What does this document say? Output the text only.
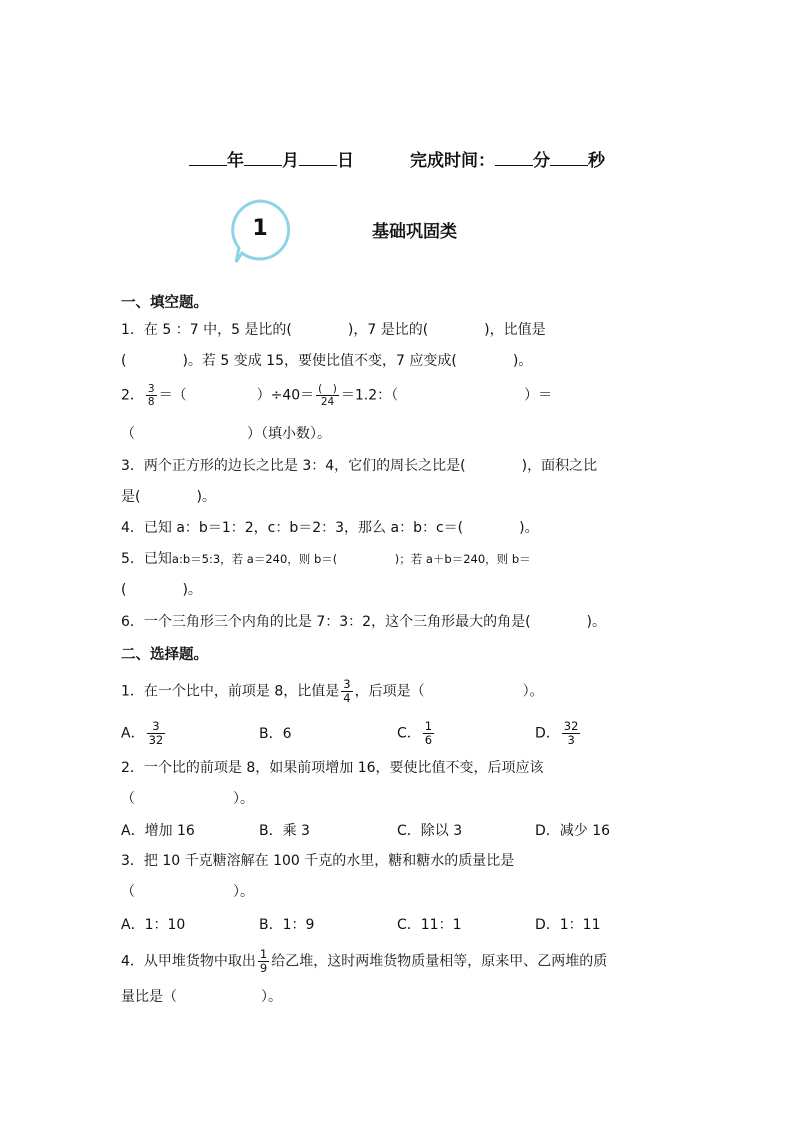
年 月 日	完成时间： 分 秒
1	基础巩固类
一、填空题。
1．在 5 ：7 中，5 是比的(　　　　)，7 是比的(　　　　)，比值是
(　　　　)。若 5 变成 15，要使比值不变，7 应变成(　　　　)。
2． $\frac{3}{8}$ ＝（　　　　　）$\div 40= \frac{( )}{24} =1.2$：（　　　　　　　　　）＝
（　　　　　　　　）（填小数）。
3．两个正方形的边长之比是 3：4，它们的周长之比是(　　　　)，面积之比
是(　　　　)。
4．已知 a：b＝1：2，c：b＝2：3，那么 a：b：c＝(　　　　)。
5．已知a:b＝5:3，若 a＝240，则 b＝(　　　　　)；若 a＋b＝240，则 b＝
(　　　　)。
6．一个三角形三个内角的比是 7：3：2，这个三角形最大的角是(　　　　)。
二、选择题。
1．在一个比中，前项是 8，比值是 $\frac{3}{4}$ ，后项是（　　　　　　　）。
A． $\frac{3}{32}$	B．6	C． $\frac{1}{6}$	D． $\frac{32}{3}$
2．一个比的前项是 8，如果前项增加 16，要使比值不变，后项应该
（　　　　　　　）。
A．增加 16	B．乘 3	C．除以 3	D．减少 16
3．把 10 千克糖溶解在 100 千克的水里，糖和糖水的质量比是
（　　　　　　　）。
A．1：10	B．1：9	C．11：1	D．1：11
4．从甲堆货物中取出 $\frac{1}{9}$ 给乙堆，这时两堆货物质量相等，原来甲、乙两堆的质
量比是（　　　　　　）。
